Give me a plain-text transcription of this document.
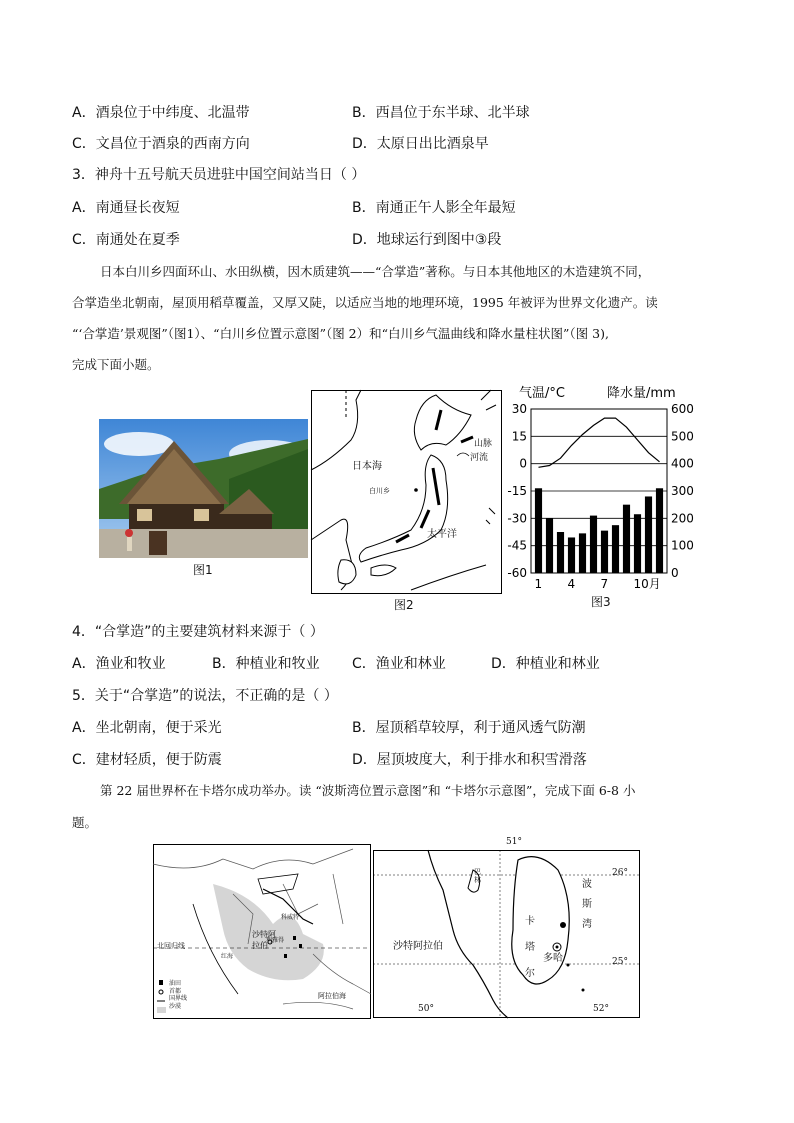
A．酒泉位于中纬度、北温带	B．西昌位于东半球、北半球
C．文昌位于酒泉的西南方向	D．太原日出比酒泉早
3．神舟十五号航天员进驻中国空间站当日（ ）
A．南通昼长夜短	B．南通正午人影全年最短
C．南通处在夏季	D．地球运行到图中③段
日本白川乡四面环山、水田纵横，因木质建筑——“合掌造”著称。与日本其他地区的木造建筑不同，
合掌造坐北朝南，屋顶用稻草覆盖，又厚又陡，以适应当地的地理环境，1995 年被评为世界文化遗产。读
“‘合掌造’景观图”（图1）、“白川乡位置示意图”（图 2）和“白川乡气温曲线和降水量柱状图”（图 3),
完成下面小题。
图1
日本海
白川乡
太平洋
山脉
河流
图2
气温/°C	降水量/mm
30
15
0
-15
-30
-45
-60
600
500
400
300
200
100
0
1 4 7 10月
图3
4．“合掌造”的主要建筑材料来源于（ ）
A．渔业和牧业	B．种植业和牧业 C．渔业和林业	D．种植业和林业
5．关于“合掌造”的说法，不正确的是（ ）
A．坐北朝南，便于采光	B．屋顶稻草较厚，利于通风透气防潮
C．建材轻质，便于防震	D．屋顶坡度大，利于排水和积雪滑落
第 22 届世界杯在卡塔尔成功举办。读 “波斯湾位置示意图”和 “卡塔尔示意图”，完成下面 6-8 小
题。
北回归线
沙特阿拉伯
科威特
利雅得
红海
阿拉伯海
油田
首都
国界线
沙漠
51°
50°	52°
26°
25°
沙特阿拉伯
巴林
卡
塔
尔
多哈
波
斯
湾
